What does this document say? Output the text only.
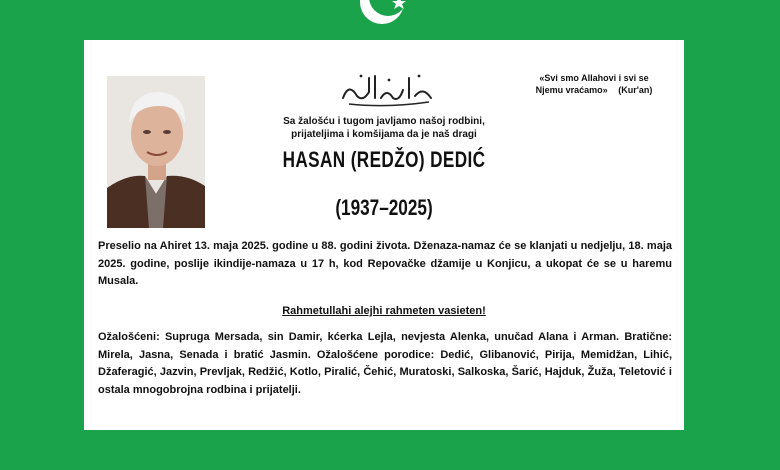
«Svi smo Allahovi i svi se
Njemu vraćamo» (Kur'an)
Sa žalošću i tugom javljamo našoj rodbini,
prijateljima i komšijama da je naš dragi
HASAN (REDŽO) DEDIĆ
(1937–2025)
Preselio na Ahiret 13. maja 2025. godine u 88. godini života. Dženaza-namaz će se klanjati u nedjelju, 18. maja 2025. godine, poslije ikindije-namaza u 17 h, kod Repovačke džamije u Konjicu, a ukopat će se u haremu Musala.
Rahmetullahi alejhi rahmeten vasieten!
Ožalošćeni: Supruga Mersada, sin Damir, kćerka Lejla, nevjesta Alenka, unučad Alana i Arman. Bratične: Mirela, Jasna, Senada i bratić Jasmin. Ožalošćene porodice: Dedić, Glibanović, Pirija, Memidžan, Lihić, Džaferagić, Jazvin, Prevljak, Redžić, Kotlo, Piralić, Čehić, Muratoski, Salkoska, Šarić, Hajduk, Žuža, Teletović i ostala mnogobrojna rodbina i prijatelji.
